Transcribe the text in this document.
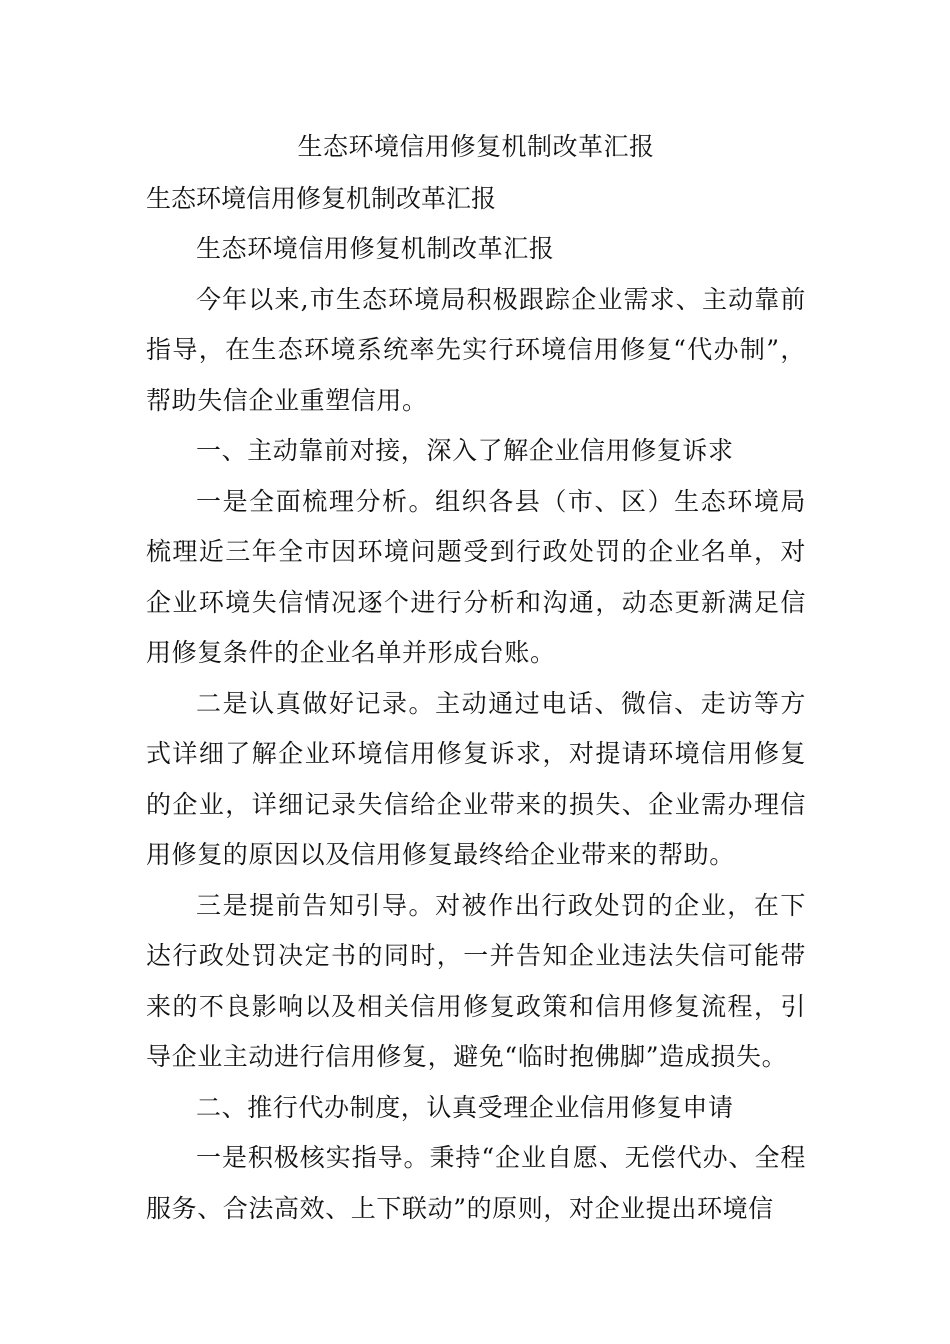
生态环境信用修复机制改革汇报
生态环境信用修复机制改革汇报

生态环境信用修复机制改革汇报

今年以来,市生态环境局积极跟踪企业需求、主动靠前指导，在生态环境系统率先实行环境信用修复“代办制”，帮助失信企业重塑信用。

一、主动靠前对接，深入了解企业信用修复诉求

一是全面梳理分析。组织各县（市、区）生态环境局梳理近三年全市因环境问题受到行政处罚的企业名单，对企业环境失信情况逐个进行分析和沟通，动态更新满足信用修复条件的企业名单并形成台账。

二是认真做好记录。主动通过电话、微信、走访等方式详细了解企业环境信用修复诉求，对提请环境信用修复的企业，详细记录失信给企业带来的损失、企业需办理信用修复的原因以及信用修复最终给企业带来的帮助。

三是提前告知引导。对被作出行政处罚的企业，在下达行政处罚决定书的同时，一并告知企业违法失信可能带来的不良影响以及相关信用修复政策和信用修复流程，引导企业主动进行信用修复，避免“临时抱佛脚”造成损失。

二、推行代办制度，认真受理企业信用修复申请

一是积极核实指导。秉持“企业自愿、无偿代办、全程服务、合法高效、上下联动”的原则，对企业提出环境信
